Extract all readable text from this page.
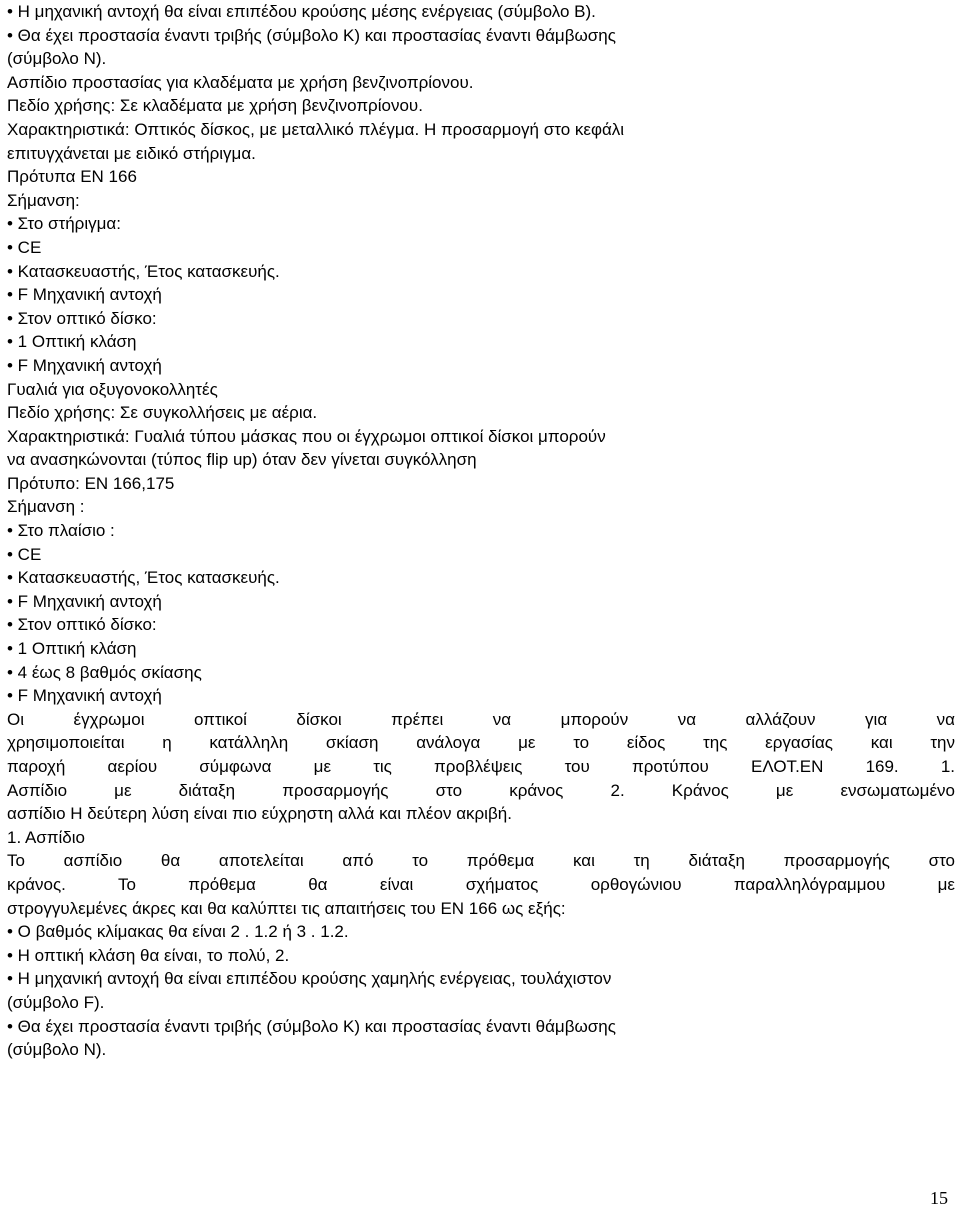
• Η μηχανική αντοχή θα είναι επιπέδου κρούσης μέσης ενέργειας (σύμβολο Β).
• Θα έχει προστασία έναντι τριβής (σύμβολο Κ) και προστασίας έναντι θάμβωσης
(σύμβολο Ν).
Ασπίδιο προστασίας για κλαδέματα με χρήση βενζινοπρίονου.
Πεδίο χρήσης: Σε κλαδέματα με χρήση βενζινοπρίονου.
Χαρακτηριστικά: Οπτικός δίσκος, με μεταλλικό πλέγμα. Η προσαρμογή στο κεφάλι
επιτυγχάνεται με ειδικό στήριγμα.
Πρότυπα ΕΝ 166
Σήμανση:
• Στο στήριγμα:
• CE
• Κατασκευαστής, Έτος κατασκευής.
• F Μηχανική αντοχή
• Στον οπτικό δίσκο:
• 1 Οπτική κλάση
• F Μηχανική αντοχή
Γυαλιά για οξυγονοκολλητές
Πεδίο χρήσης: Σε συγκολλήσεις με αέρια.
Χαρακτηριστικά: Γυαλιά τύπου μάσκας που οι έγχρωμοι οπτικοί δίσκοι μπορούν
να ανασηκώνονται (τύπος flip up) όταν δεν γίνεται συγκόλληση
Πρότυπο: ΕΝ 166,175
Σήμανση :
• Στο πλαίσιο :
• CE
• Κατασκευαστής, Έτος κατασκευής.
• F Μηχανική αντοχή
• Στον οπτικό δίσκο:
• 1 Οπτική κλάση
• 4 έως 8 βαθμός σκίασης
• F Μηχανική αντοχή
Οι έγχρωμοι οπτικοί δίσκοι πρέπει να μπορούν να αλλάζουν για να
χρησιμοποιείται η κατάλληλη σκίαση ανάλογα με το είδος της εργασίας και την
παροχή αερίου σύμφωνα με τις προβλέψεις του προτύπου ΕΛΟΤ.ΕΝ 169. 1.
Ασπίδιο με διάταξη προσαρμογής στο κράνος 2. Κράνος με ενσωματωμένο
ασπίδιο Η δεύτερη λύση είναι πιο εύχρηστη αλλά και πλέον ακριβή.
1. Ασπίδιο
Το ασπίδιο θα αποτελείται από το πρόθεμα και τη διάταξη προσαρμογής στο
κράνος. Το πρόθεμα θα είναι σχήματος ορθογώνιου παραλληλόγραμμου με
στρογγυλεμένες άκρες και θα καλύπτει τις απαιτήσεις του ΕΝ 166 ως εξής:
• Ο βαθμός κλίμακας θα είναι 2 . 1.2 ή 3 . 1.2.
• Η οπτική κλάση θα είναι, το πολύ, 2.
• Η μηχανική αντοχή θα είναι επιπέδου κρούσης χαμηλής ενέργειας, τουλάχιστον
(σύμβολο F).
• Θα έχει προστασία έναντι τριβής (σύμβολο Κ) και προστασίας έναντι θάμβωσης
(σύμβολο Ν).
15
